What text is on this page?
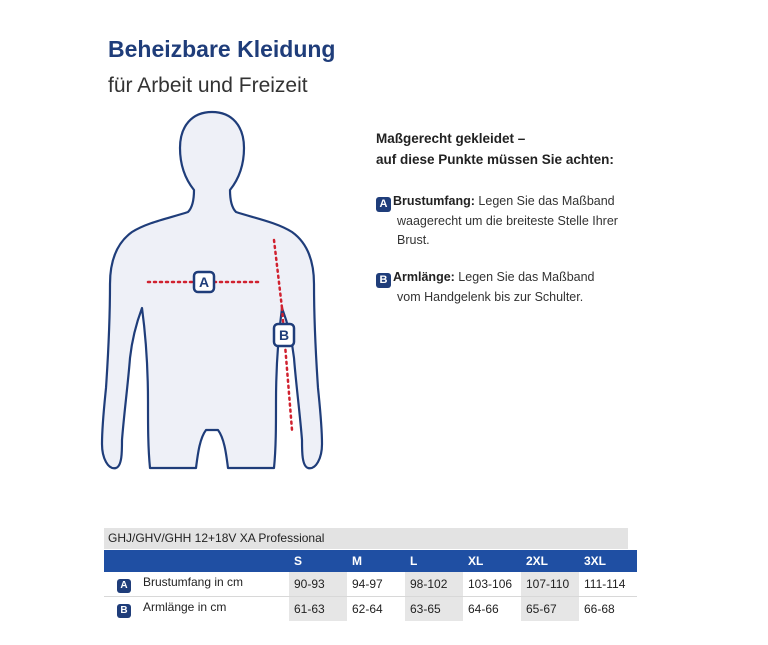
Beheizbare Kleidung
für Arbeit und Freizeit
A
B
Maßgerecht gekleidet –
auf diese Punkte müssen Sie achten:
A Brustumfang: Legen Sie das Maßband
waagerecht um die breiteste Stelle Ihrer
Brust.
B Armlänge: Legen Sie das Maßband
vom Handgelenk bis zur Schulter.
GHJ/GHV/GHH 12+18V XA Professional
	S	M	L	XL	2XL	3XL
A Brustumfang in cm	90-93	94-97	98-102	103-106	107-110	111-114
B Armlänge in cm	61-63	62-64	63-65	64-66	65-67	66-68
